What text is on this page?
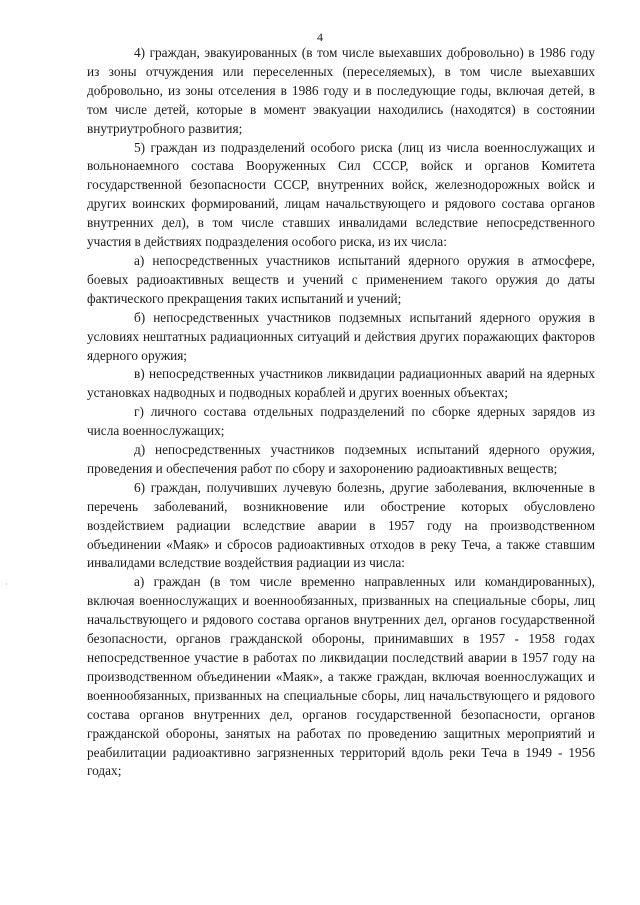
4
·

4) граждан, эвакуированных (в том числе выехавших добровольно) в 1986 году из зоны отчуждения или переселенных (переселяемых), в том числе выехавших добровольно, из зоны отселения в 1986 году и в последующие годы, включая детей, в том числе детей, которые в момент эвакуации находились (находятся) в состоянии внутриутробного развития;

5) граждан из подразделений особого риска (лиц из числа военнослужащих и вольнонаемного состава Вооруженных Сил СССР, войск и органов Комитета государственной безопасности СССР, внутренних войск, железнодорожных войск и других воинских формирований, лицам начальствующего и рядового состава органов внутренних дел), в том числе ставших инвалидами вследствие непосредственного участия в действиях подразделения особого риска, из их числа:

а) непосредственных участников испытаний ядерного оружия в атмосфере, боевых радиоактивных веществ и учений с применением такого оружия до даты фактического прекращения таких испытаний и учений;

б) непосредственных участников подземных испытаний ядерного оружия в условиях нештатных радиационных ситуаций и действия других поражающих факторов ядерного оружия;

в) непосредственных участников ликвидации радиационных аварий на ядерных установках надводных и подводных кораблей и других военных объектах;

г) личного состава отдельных подразделений по сборке ядерных зарядов из числа военнослужащих;

д) непосредственных участников подземных испытаний ядерного оружия, проведения и обеспечения работ по сбору и захоронению радиоактивных веществ;

6) граждан, получивших лучевую болезнь, другие заболевания, включенные в перечень заболеваний, возникновение или обострение которых обусловлено воздействием радиации вследствие аварии в 1957 году на производственном объединении «Маяк» и сбросов радиоактивных отходов в реку Теча, а также ставшим инвалидами вследствие воздействия радиации из числа:

а) граждан (в том числе временно направленных или командированных), включая военнослужащих и военнообязанных, призванных на специальные сборы, лиц начальствующего и рядового состава органов внутренних дел, органов государственной безопасности, органов гражданской обороны, принимавших в 1957 - 1958 годах непосредственное участие в работах по ликвидации последствий аварии в 1957 году на производственном объединении «Маяк», а также граждан, включая военнослужащих и военнообязанных, призванных на специальные сборы, лиц начальствующего и рядового состава органов внутренних дел, органов государственной безопасности, органов гражданской обороны, занятых на работах по проведению защитных мероприятий и реабилитации радиоактивно загрязненных территорий вдоль реки Теча в 1949 - 1956 годах;
